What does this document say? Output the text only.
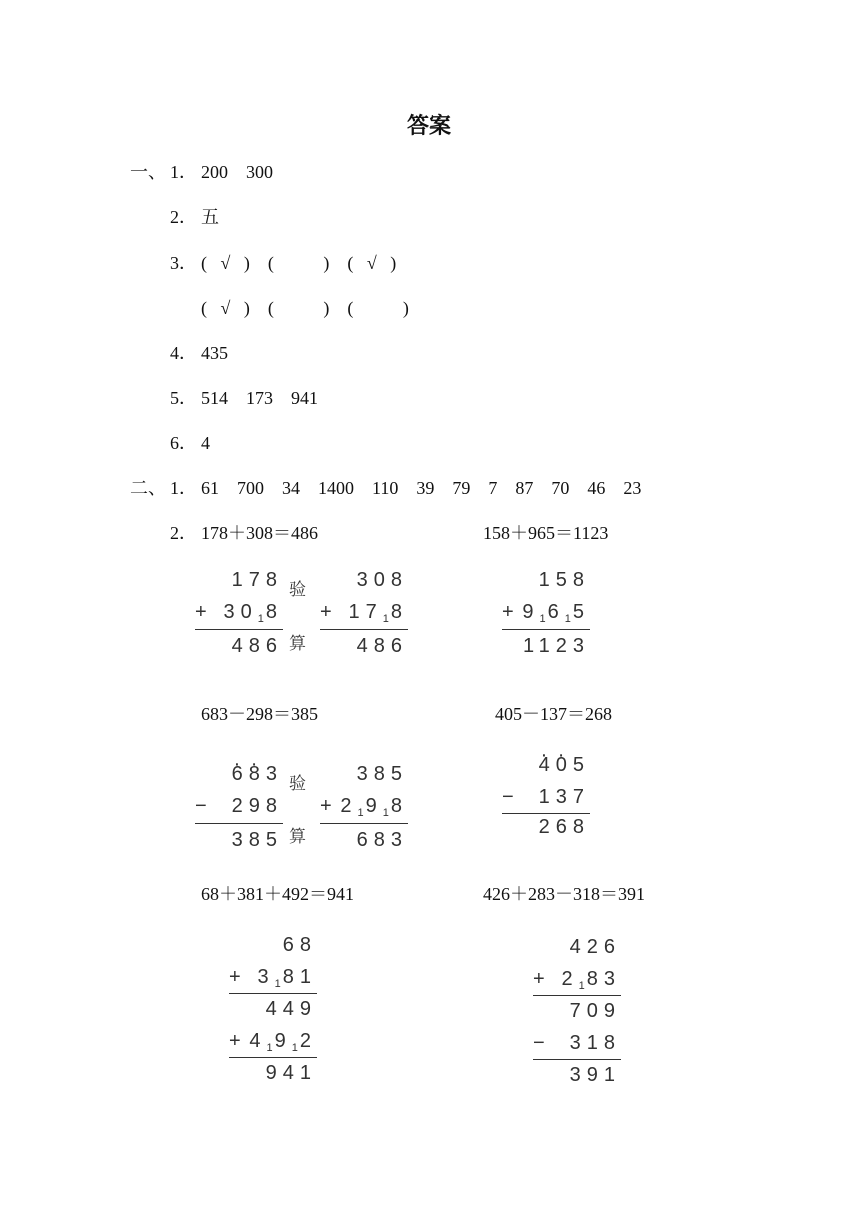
答案
一、 1． 200    300
2． 五
3． (   √   )    (           )    (   √   )
(   √   )    (           )    (           )
4． 435
5． 514    173    941
6． 4
二、 1． 61    700    34    1400    110    39    79    7    87    70    46    23
2． 178＋308＝486	158＋965＝1123
178
+ $30_1$ 8
486
验
算
308
+ $17_1$ 8
486
158
+ $9_1$ $6_1$ 5
1123
683－298＝385	405－137＝268
· 6· 83
− 298
385
验
算
385
+ $2_1$ $9_1$ 8
683
· 4· 05
− 137
268
68＋381＋492＝941	426＋283－318＝391
68
+ $3_1$ 81
449
+ $4_1$ $9_1$ 2
941
426
+ $2_1$ 83
709
− 318
391
